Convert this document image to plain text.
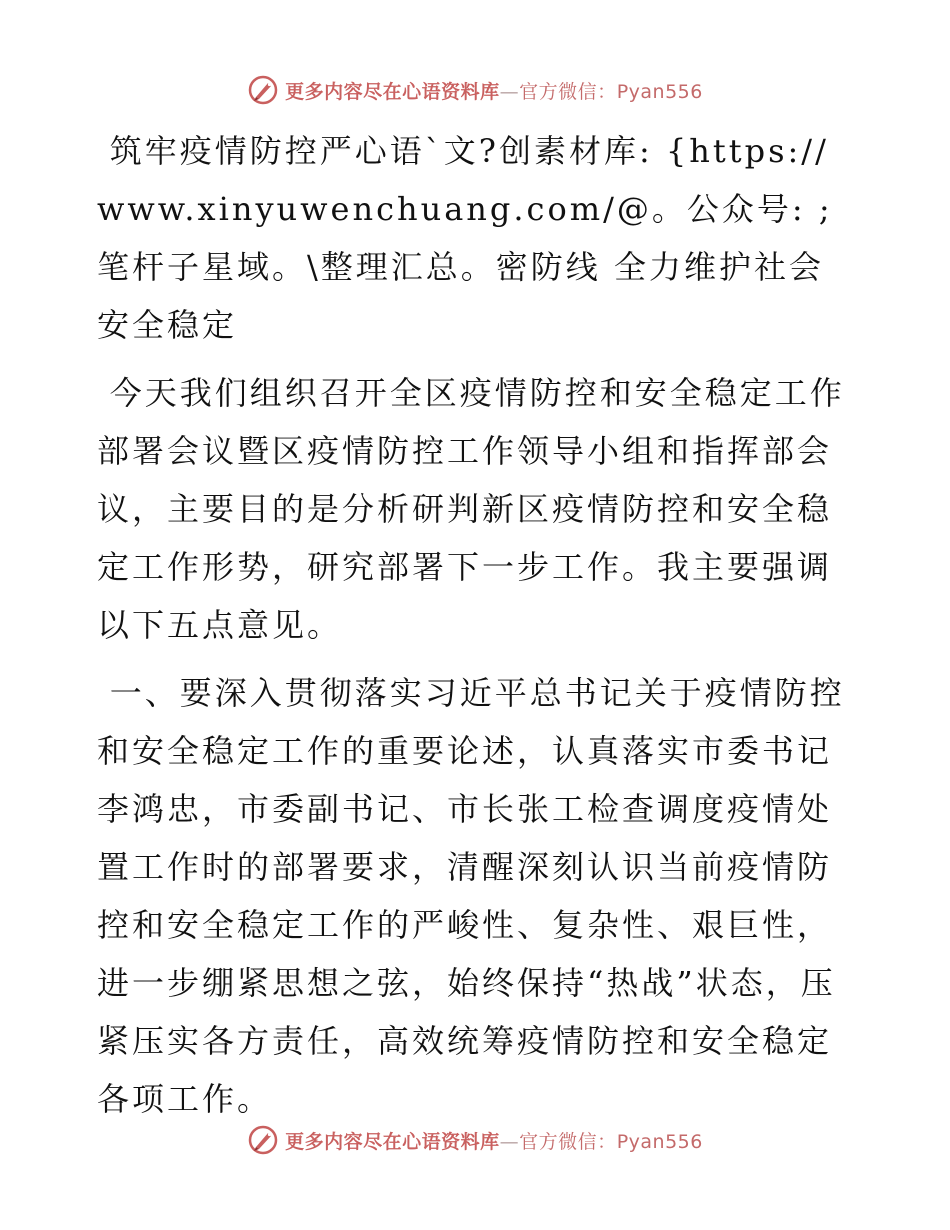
更多内容尽在心语资料库—官方微信：Pyan556

筑牢疫情防控严心语`文?创素材库: {https://www.xinyuwenchuang.com/@。公众号: ;笔杆子星域。\整理汇总。密防线 全力维护社会安全稳定

今天我们组织召开全区疫情防控和安全稳定工作部署会议暨区疫情防控工作领导小组和指挥部会议，主要目的是分析研判新区疫情防控和安全稳定工作形势，研究部署下一步工作。我主要强调以下五点意见。

一、要深入贯彻落实习近平总书记关于疫情防控和安全稳定工作的重要论述，认真落实市委书记李鸿忠，市委副书记、市长张工检查调度疫情处置工作时的部署要求，清醒深刻认识当前疫情防控和安全稳定工作的严峻性、复杂性、艰巨性，进一步绷紧思想之弦，始终保持“热战”状态，压紧压实各方责任，高效统筹疫情防控和安全稳定各项工作。

更多内容尽在心语资料库—官方微信：Pyan556
